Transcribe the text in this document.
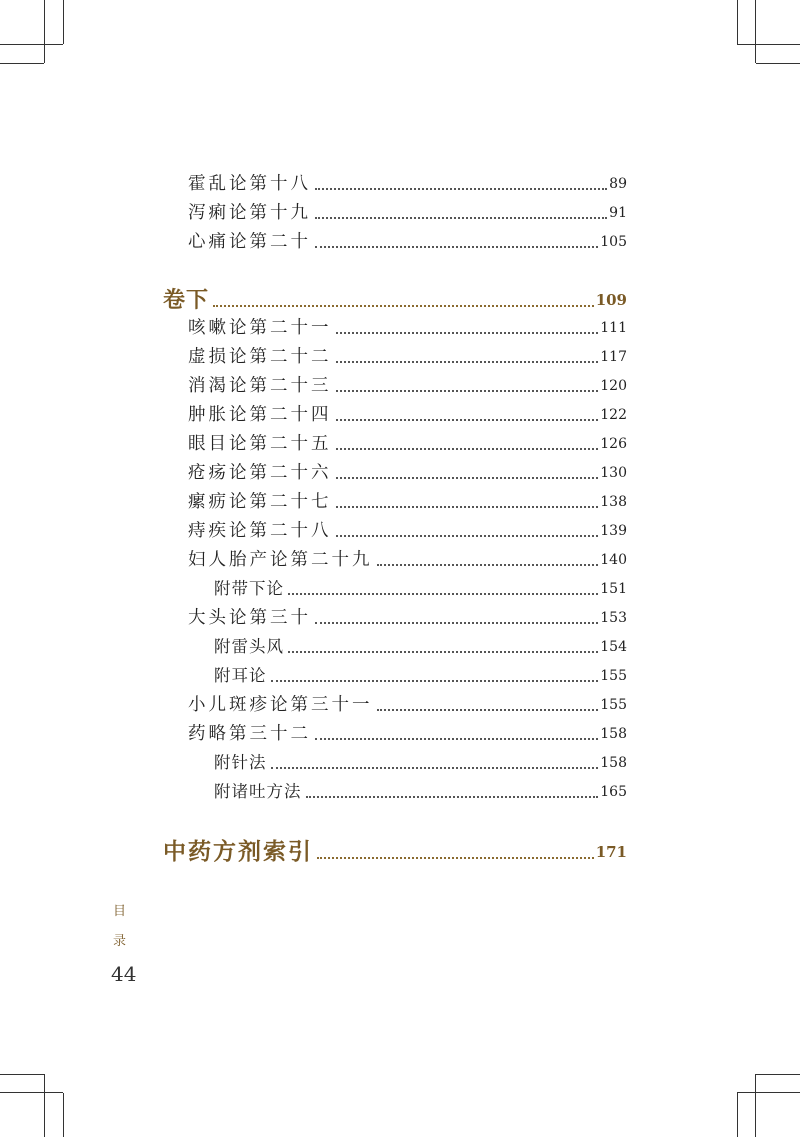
霍乱论第十八	89
泻痢论第十九	91
心痛论第二十	105
卷下	109
咳嗽论第二十一	111
虚损论第二十二	117
消渴论第二十三	120
肿胀论第二十四	122
眼目论第二十五	126
疮疡论第二十六	130
瘰疬论第二十七	138
痔疾论第二十八	139
妇人胎产论第二十九	140
附带下论	151
大头论第三十	153
附雷头风	154
附耳论	155
小儿斑疹论第三十一	155
药略第三十二	158
附针法	158
附诸吐方法	165
中药方剂索引	171
目
录
44
